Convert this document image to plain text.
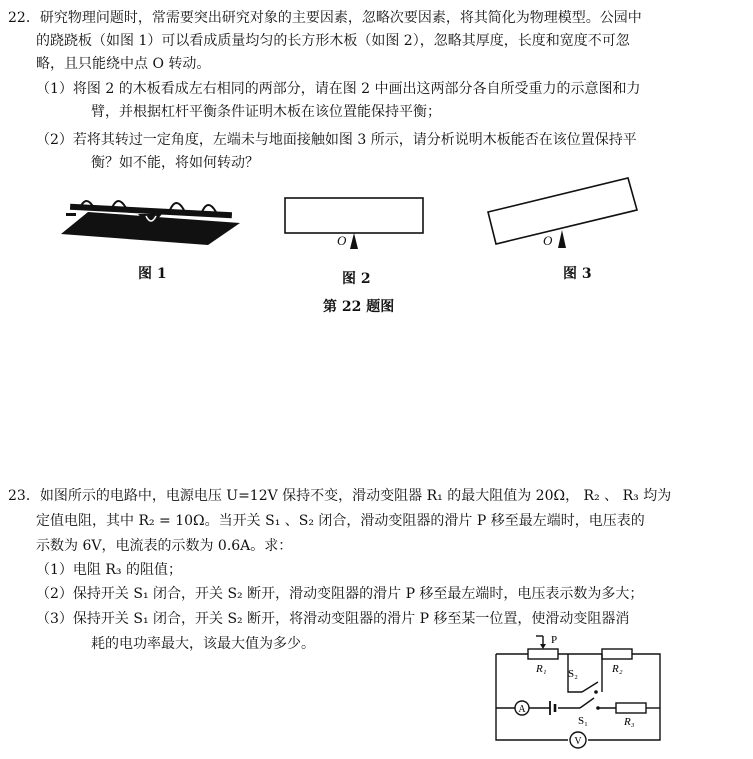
22．研究物理问题时，常需要突出研究对象的主要因素，忽略次要因素，将其简化为物理模型。公园中
的跷跷板（如图 1）可以看成质量均匀的长方形木板（如图 2），忽略其厚度，长度和宽度不可忽
略，且只能绕中点 O 转动。
（1）将图 2 的木板看成左右相同的两部分，请在图 2 中画出这两部分各自所受重力的示意图和力
臂，并根据杠杆平衡条件证明木板在该位置能保持平衡；
（2）若将其转过一定角度，左端未与地面接触如图 3 所示，请分析说明木板能否在该位置保持平
衡？如不能，将如何转动？
O	O
图 1	图 2	图 3
第 22 题图
23．如图所示的电路中，电源电压 U=12V 保持不变，滑动变阻器 R₁ 的最大阻值为 20Ω， R₂ 、 R₃ 均为
定值电阻，其中 R₂ = 10Ω。当开关 S₁ 、S₂ 闭合，滑动变阻器的滑片 P 移至最左端时，电压表的
示数为 6V，电流表的示数为 0.6A。求：
（1）电阻 R₃ 的阻值；
（2）保持开关 S₁ 闭合，开关 S₂ 断开，滑动变阻器的滑片 P 移至最左端时，电压表示数为多大；
（3）保持开关 S₁ 闭合，开关 S₂ 断开，将滑动变阻器的滑片 P 移至某一位置，使滑动变阻器消
耗的电功率最大，该最大值为多少。
A
V
P
R₁	R₂
S₂
S₁	R₃
